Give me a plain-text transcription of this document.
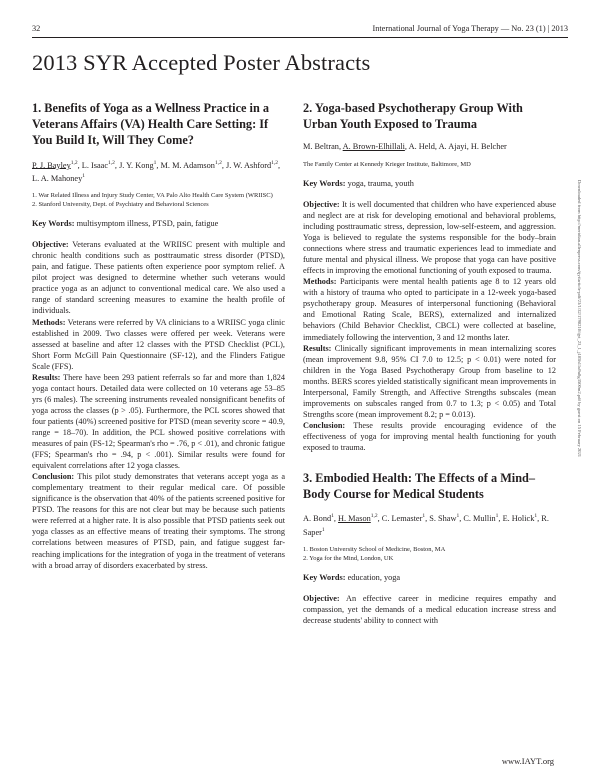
32	International Journal of Yoga Therapy — No. 23 (1) | 2013
2013 SYR Accepted Poster Abstracts
1. Benefits of Yoga as a Wellness Practice in a Veterans Affairs (VA) Health Care Setting: If You Build It, Will They Come?
P. J. Bayley$^{1,2}$, L. Isaac$^{1,2}$, J. Y. Kong$^1$, M. M. Adamson$^{1,2}$, J. W. Ashford$^{1,2}$, L. A. Mahoney$^1$
1. War Related Illness and Injury Study Center, VA Palo Alto Health Care System (WRIISC)
2. Stanford University, Dept. of Psychiatry and Behavioral Sciences
Key Words: multisymptom illness, PTSD, pain, fatigue

Objective: Veterans evaluated at the WRIISC present with multiple and chronic health conditions such as posttraumatic stress disorder (PTSD), pain, and fatigue. These patients often experience poor symptom relief. A pilot project was designed to determine whether such veterans would practice yoga as an adjunct to conventional medical care. We also used a range of standard screening measures to examine the health profile of individuals.

Methods: Veterans were referred by VA clinicians to a WRIISC yoga clinic established in 2009. Two classes were offered per week. Veterans were assessed at baseline and after 12 classes with the PTSD Checklist (PCL), Short Form McGill Pain Questionnaire (SF-12), and the Flinders Fatigue Scale (FFS).

Results: There have been 293 patient referrals so far and more than 1,824 yoga contact hours. Detailed data were collected on 10 veterans age 53–85 yrs (6 males). The screening instruments revealed nonsignificant benefits of yoga across the classes (p > .05). Furthermore, the PCL scores showed that four patients (40%) screened positive for PTSD (mean severity score = 40.9, range = 18–70). In addition, the PCL showed positive correlations with measures of pain (FS-12; Spearman's rho = .76, p < .01), and chronic fatigue (FFS; Spearman's rho = .94, p < .001). Similar results were found for equivalent correlations after 12 yoga classes.

Conclusion: This pilot study demonstrates that veterans accept yoga as a complementary treatment to their regular medical care. Of possible significance is the observation that 40% of the patients screened positive for PTSD. The reasons for this are not clear but may be because such patients were referred at a higher rate. It is also possible that PTSD patients seek out yoga classes as an effective means of treating their symptoms. The strong correlations between measures of PTSD, pain, and fatigue suggest far-reaching implications for the integration of yoga in the treatment of veterans with a broad array of disorders exacerbated by stress.

2. Yoga-based Psychotherapy Group With Urban Youth Exposed to Trauma
M. Beltran, A. Brown-Elhillali, A. Held, A. Ajayi, H. Belcher
The Family Center at Kennedy Krieger Institute, Baltimore, MD
Key Words: yoga, trauma, youth

Objective: It is well documented that children who have experienced abuse and neglect are at risk for developing emotional and behavioral problems, including posttraumatic stress, depression, low-self-esteem, and aggression. Yoga is believed to regulate the systems responsible for the body–brain connections where stress and traumatic experiences lead to immediate and future mental and physical illness. We propose that yoga can have positive effects in improving the emotional functioning of youth exposed to trauma.

Methods: Participants were mental health patients age 8 to 12 years old with a history of trauma who opted to participate in a 12-week yoga-based psychotherapy group. Measures of interpersonal functioning (Behavioral and Emotional Rating Scale, BERS), externalized and internalized behaviors (Child Behavior Checklist, CBCL) were collected at baseline, immediately following the intervention, 3 and 12 months later.

Results: Clinically significant improvements in mean internalizing scores (mean improvement 9.8, 95% CI 7.0 to 12.5; p < 0.01) were noted for children in the Yoga Based Psychotherapy Group from baseline to 12 months. BERS scores yielded statistically significant mean improvements in Interpersonal, Family Strength, and Affective Strengths subscales (mean improvements on subscales ranged from 0.7 to 1.3; p < 0.05) and Total Strengths score (mean improvement 8.2; p = 0.013).

Conclusion: These results provide encouraging evidence of the effectiveness of yoga for improving mental health functioning for youth exposed to trauma.

3. Embodied Health: The Effects of a Mind–Body Course for Medical Students
A. Bond$^1$, H. Mason$^{1,2}$, C. Lemaster$^1$, S. Shaw$^1$, C. Mullin$^1$, E. Holick$^1$, R. Saper$^1$
1. Boston University School of Medicine, Boston, MA
2. Yoga for the Mind, London, UK
Key Words: education, yoga

Objective: An effective career in medicine requires empathy and compassion, yet the demands of a medical education increase stress and decrease students' ability to connect with

www.IAYT.org
Downloaded from http://meridian.allenpress.com/ijyt/article-pdf/23/1/32/1798210/ijyt_23_1_j185h11u9u8g3500m2.pdf by guest on 15 February 2021
